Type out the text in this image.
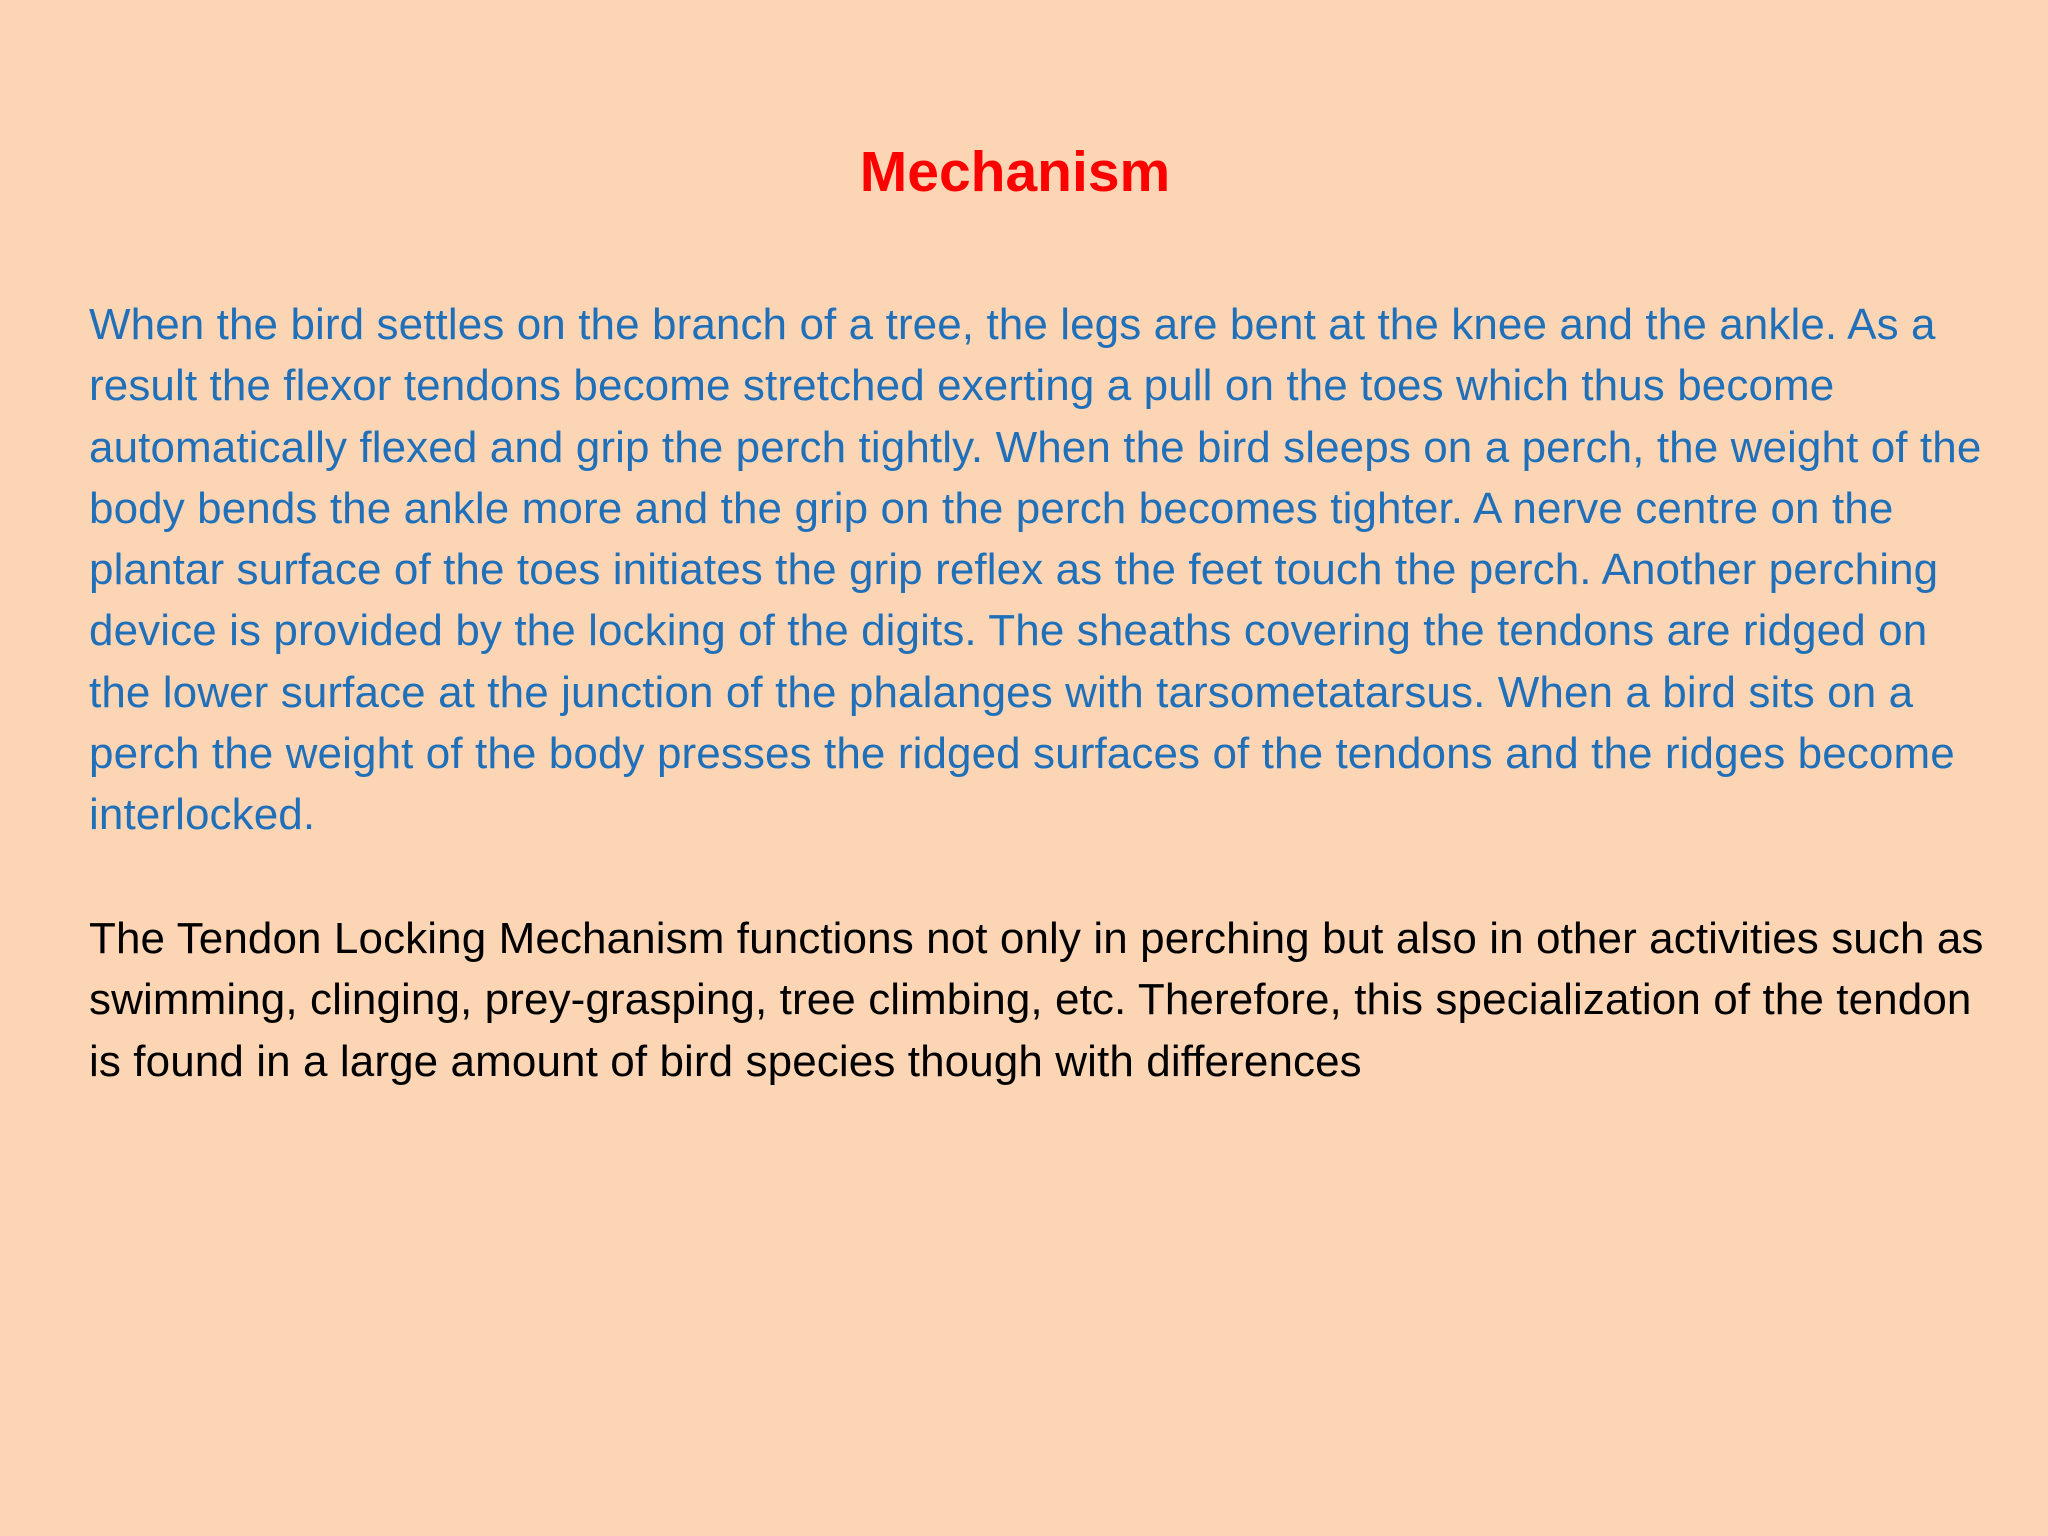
Mechanism

When the bird settles on the branch of a tree, the legs are bent at the knee and the ankle. As a result the flexor tendons become stretched exerting a pull on the toes which thus become automatically flexed and grip the perch tightly. When the bird sleeps on a perch, the weight of the body bends the ankle more and the grip on the perch becomes tighter. A nerve centre on the plantar surface of the toes initiates the grip reflex as the feet touch the perch. Another perching device is provided by the locking of the digits. The sheaths covering the tendons are ridged on the lower surface at the junction of the phalanges with tarsometatarsus. When a bird sits on a perch the weight of the body presses the ridged surfaces of the tendons and the ridges become interlocked.

The Tendon Locking Mechanism functions not only in perching but also in other activities such as swimming, clinging, prey-grasping, tree climbing, etc. Therefore, this specialization of the tendon is found in a large amount of bird species though with differences
